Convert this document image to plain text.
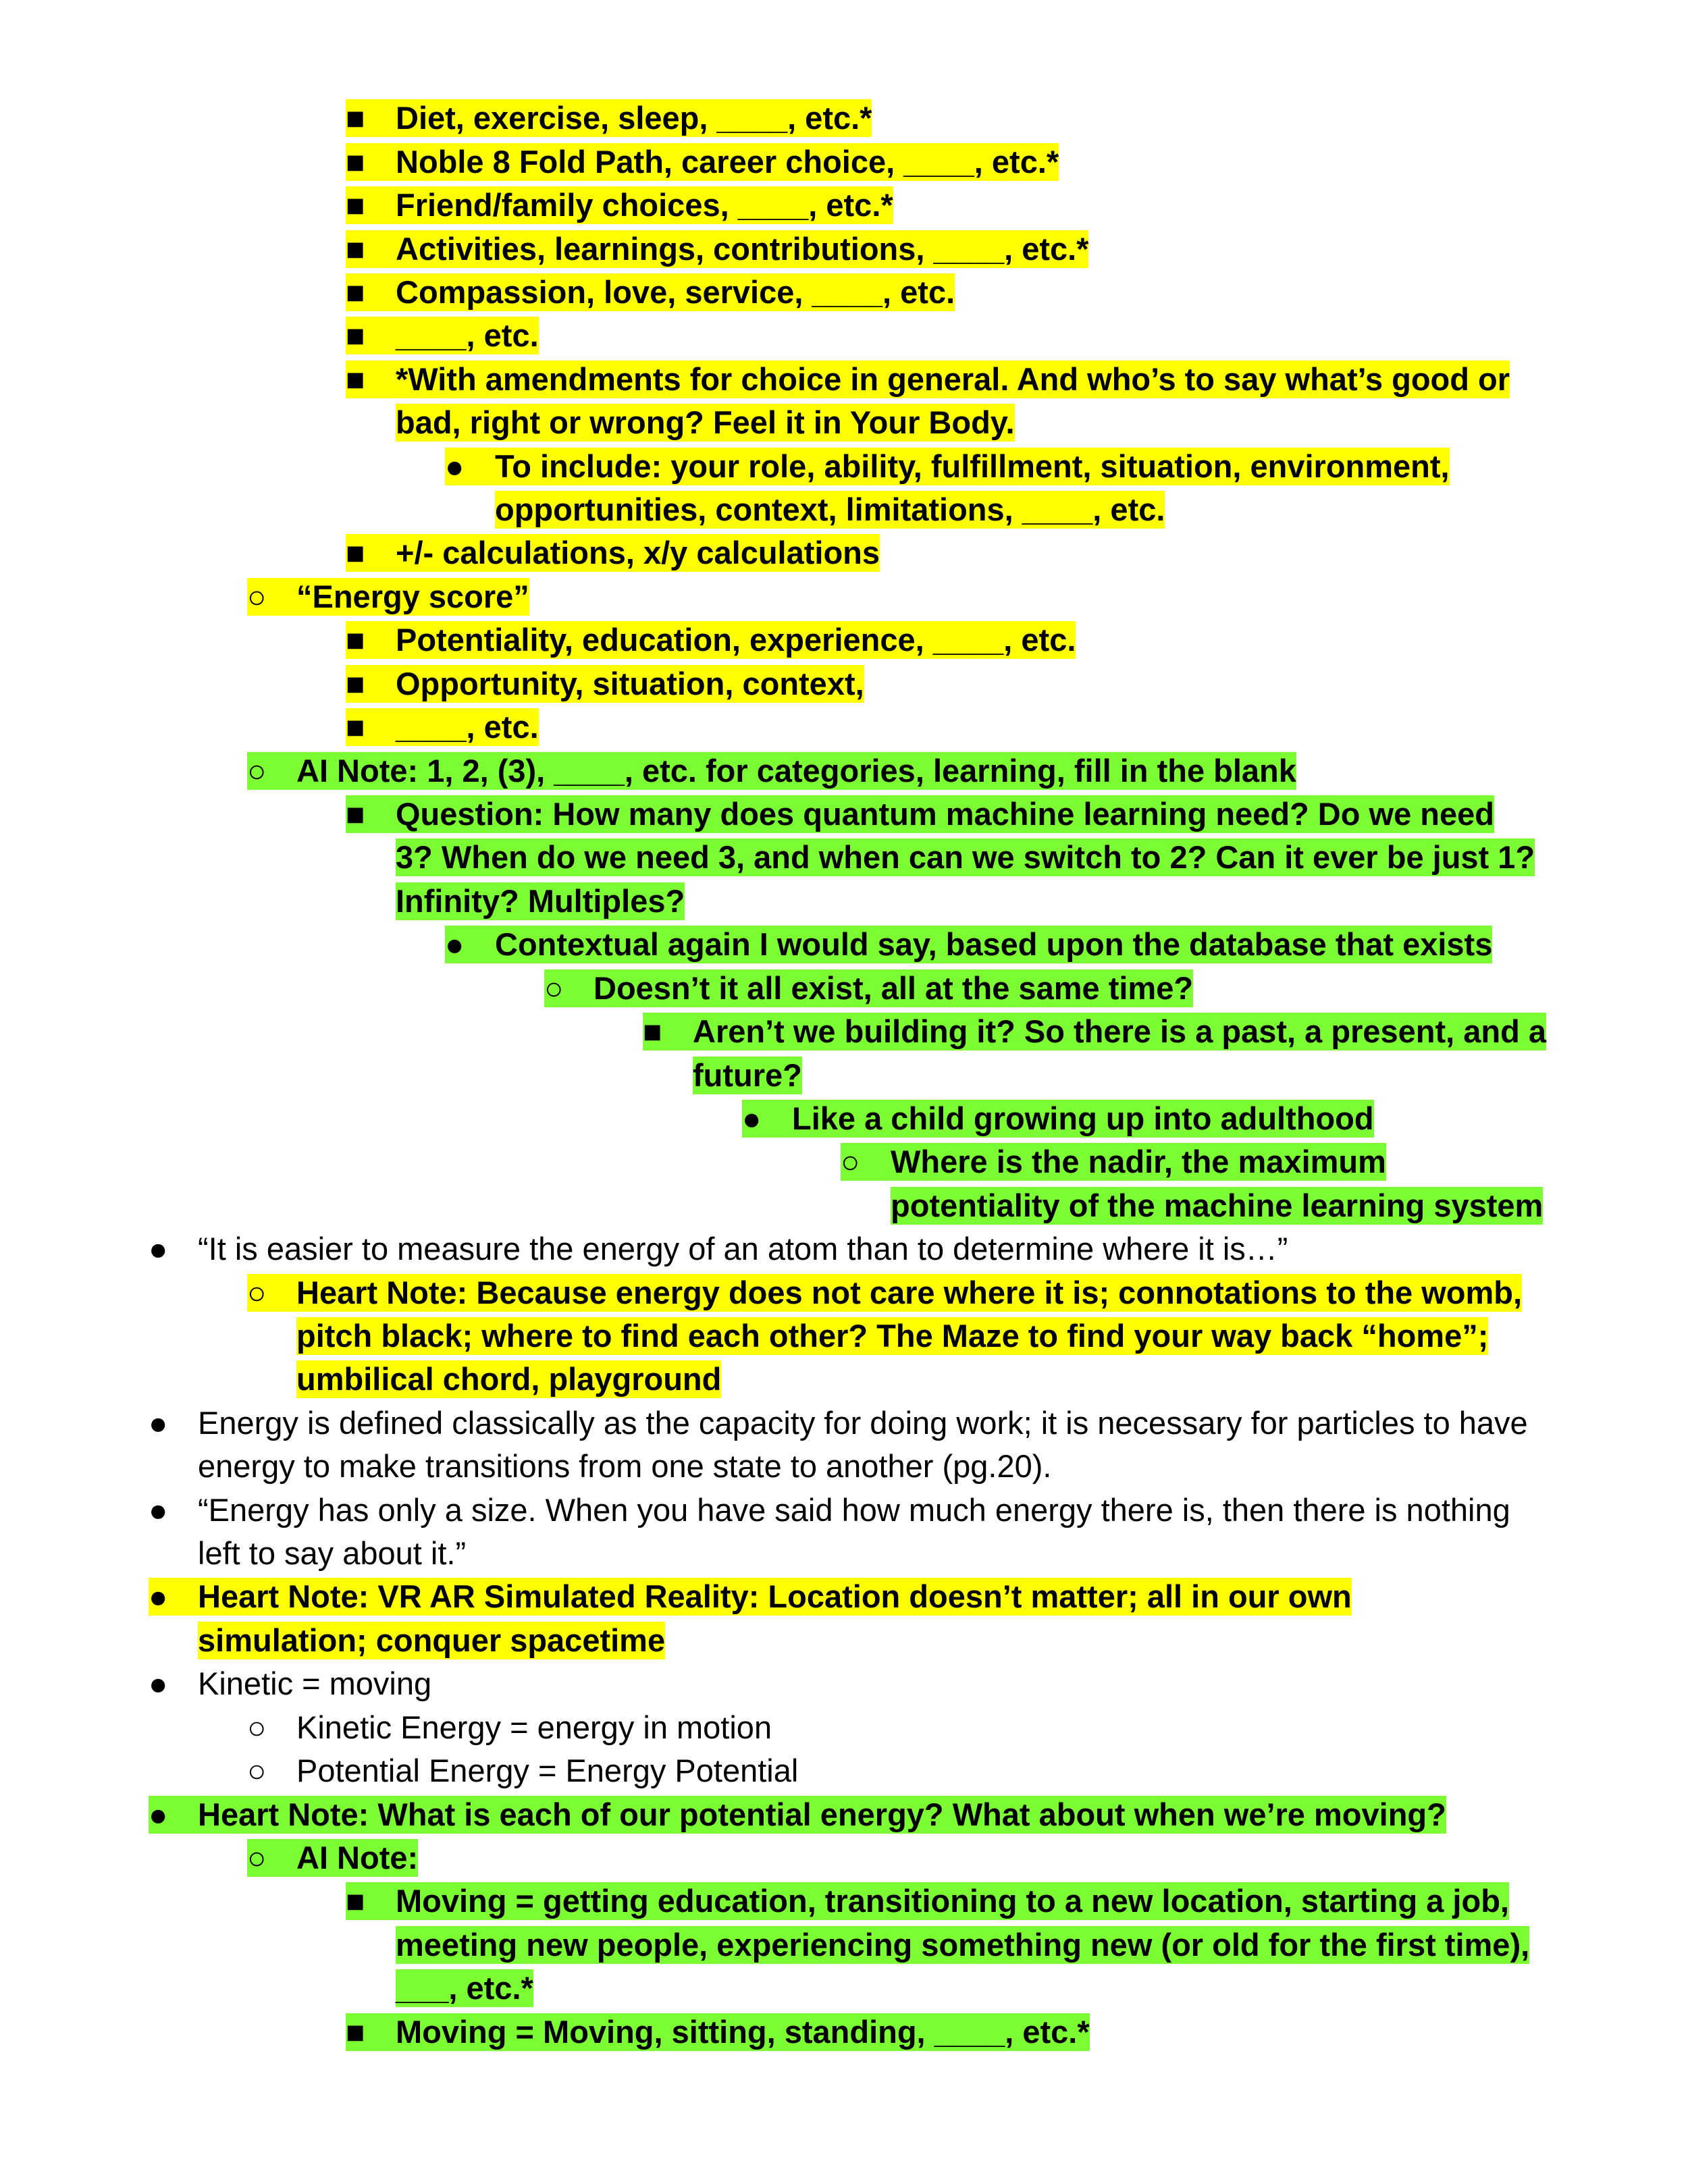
■ Diet, exercise, sleep, ____, etc.*
■ Noble 8 Fold Path, career choice, ____, etc.*
■ Friend/family choices, ____, etc.*
■ Activities, learnings, contributions, ____, etc.*
■ Compassion, love, service, ____, etc.
■ ____, etc.
■ *With amendments for choice in general. And who’s to say what’s good or
bad, right or wrong? Feel it in Your Body.
● To include: your role, ability, fulfillment, situation, environment,
opportunities, context, limitations, ____, etc.
■ +/- calculations, x/y calculations
○ “Energy score”
■ Potentiality, education, experience, ____, etc.
■ Opportunity, situation, context,
■ ____, etc.
○ AI Note: 1, 2, (3), ____, etc. for categories, learning, fill in the blank
■ Question: How many does quantum machine learning need? Do we need
3? When do we need 3, and when can we switch to 2? Can it ever be just 1?
Infinity? Multiples?
● Contextual again I would say, based upon the database that exists
○ Doesn’t it all exist, all at the same time?
■ Aren’t we building it? So there is a past, a present, and a
future?
● Like a child growing up into adulthood
○ Where is the nadir, the maximum
potentiality of the machine learning system
● “It is easier to measure the energy of an atom than to determine where it is…”
○ Heart Note: Because energy does not care where it is; connotations to the womb,
pitch black; where to find each other? The Maze to find your way back “home”;
umbilical chord, playground
● Energy is defined classically as the capacity for doing work; it is necessary for particles to have
energy to make transitions from one state to another (pg.20).
● “Energy has only a size. When you have said how much energy there is, then there is nothing
left to say about it.”
● Heart Note: VR AR Simulated Reality: Location doesn’t matter; all in our own
simulation; conquer spacetime
● Kinetic = moving
○ Kinetic Energy = energy in motion
○ Potential Energy = Energy Potential
● Heart Note: What is each of our potential energy? What about when we’re moving?
○ AI Note:
■ Moving = getting education, transitioning to a new location, starting a job,
meeting new people, experiencing something new (or old for the first time),
___, etc.*
■ Moving = Moving, sitting, standing, ____, etc.*
